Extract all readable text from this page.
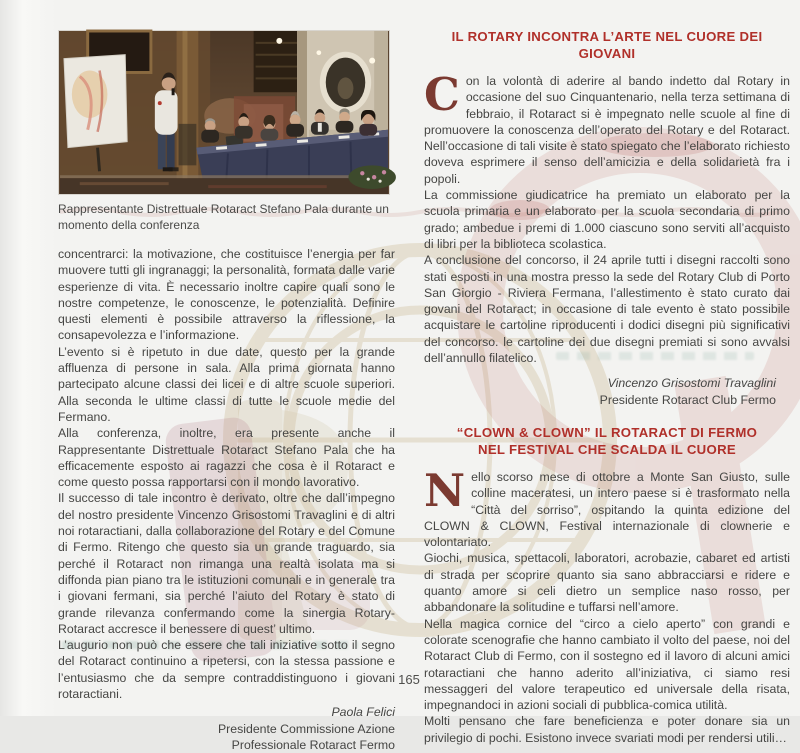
Rappresentante Distrettuale Rotaract Stefano Pala durante un momento della conferenza

concentrarci: la motivazione, che costituisce l’energia per far muovere tutti gli ingranaggi; la personalità, formata dalle varie esperienze di vita. È necessario inoltre capire quali sono le nostre competenze, le conoscenze, le potenzialità. Definire questi elementi è possibile attraverso la riflessione, la consapevolezza e l’informazione.

L’evento si è ripetuto in due date, questo per la grande affluenza di persone in sala. Alla prima giornata hanno partecipato alcune classi dei licei e di altre scuole superiori. Alla seconda le ultime classi di tutte le scuole medie del Fermano.

Alla conferenza, inoltre, era presente anche il Rappresentante Distrettuale Rotaract Stefano Pala che ha efficacemente esposto ai ragazzi che cosa è il Rotaract e come questo possa rapportarsi con il mondo lavorativo.

Il successo di tale incontro è derivato, oltre che dall’impegno del nostro presidente Vincenzo Grisostomi Travaglini e di altri noi rotaractiani, dalla collaborazione del Rotary e del Comune di Fermo. Ritengo che questo sia un grande traguardo, sia perché il Rotaract non rimanga una realtà isolata ma si diffonda pian piano tra le istituzioni comunali e in generale tra i giovani fermani, sia perché l’aiuto del Rotary è stato di grande rilevanza confermando come la sinergia Rotary-Rotaract accresce il benessere di quest’ ultimo.

L’augurio non può che essere che tali iniziative sotto il segno del Rotaract continuino a ripetersi, con la stessa passione e l’entusiasmo che da sempre contraddistinguono i giovani rotaractiani.

Paola Felici
Presidente Commissione Azione
Professionale Rotaract Fermo
IL ROTARY INCONTRA L’ARTE NEL CUORE DEI GIOVANI

Con la volontà di aderire al bando indetto dal Rotary in occasione del suo Cinquantenario, nella terza settimana di febbraio, il Rotaract si è impegnato nelle scuole al fine di promuovere la conoscenza dell’operato del Rotary e del Rotaract. Nell’occasione di tali visite è stato spiegato che l’elaborato richiesto doveva esprimere il senso dell’amicizia e della solidarietà fra i popoli.

La commissione giudicatrice ha premiato un elaborato per la scuola primaria e un elaborato per la scuola secondaria di primo grado; ambedue i premi di 1.000 ciascuno sono serviti all’acquisto di libri per la biblioteca scolastica.

A conclusione del concorso, il 24 aprile tutti i disegni raccolti sono stati esposti in una mostra presso la sede del Rotary Club di Porto San Giorgio - Riviera Fermana, l’allestimento è stato curato dai govani del Rotaract; in occasione di tale evento è stato possibile acquistare le cartoline riproducenti i dodici disegni più significativi del concorso. le cartoline dei due disegni premiati si sono avvalsi dell’annullo filatelico.

Vincenzo Grisostomi Travaglini
Presidente Rotaract Club Fermo
“CLOWN & CLOWN” IL ROTARACT DI FERMO
NEL FESTIVAL CHE SCALDA IL CUORE

Nello scorso mese di ottobre a Monte San Giusto, sulle colline maceratesi, un intero paese si è trasformato nella “Città del sorriso”, ospitando la quinta edizione del CLOWN & CLOWN, Festival internazionale di clownerie e volontariato.

Giochi, musica, spettacoli, laboratori, acrobazie, cabaret ed artisti di strada per scoprire quanto sia sano abbracciarsi e ridere e quanto amore si celi dietro un semplice naso rosso, per abbandonare la solitudine e tuffarsi nell’amore.

Nella magica cornice del “circo a cielo aperto” con grandi e colorate scenografie che hanno cambiato il volto del paese, noi del Rotaract Club di Fermo, con il sostegno ed il lavoro di alcuni amici rotaractiani che hanno aderito all’iniziativa, ci siamo resi messaggeri del valore terapeutico ed universale della risata, impegnandoci in azioni sociali di pubblica-comica utilità.

Molti pensano che fare beneficienza e poter donare sia un privilegio di pochi. Esistono invece svariati modi per rendersi utili…

165
